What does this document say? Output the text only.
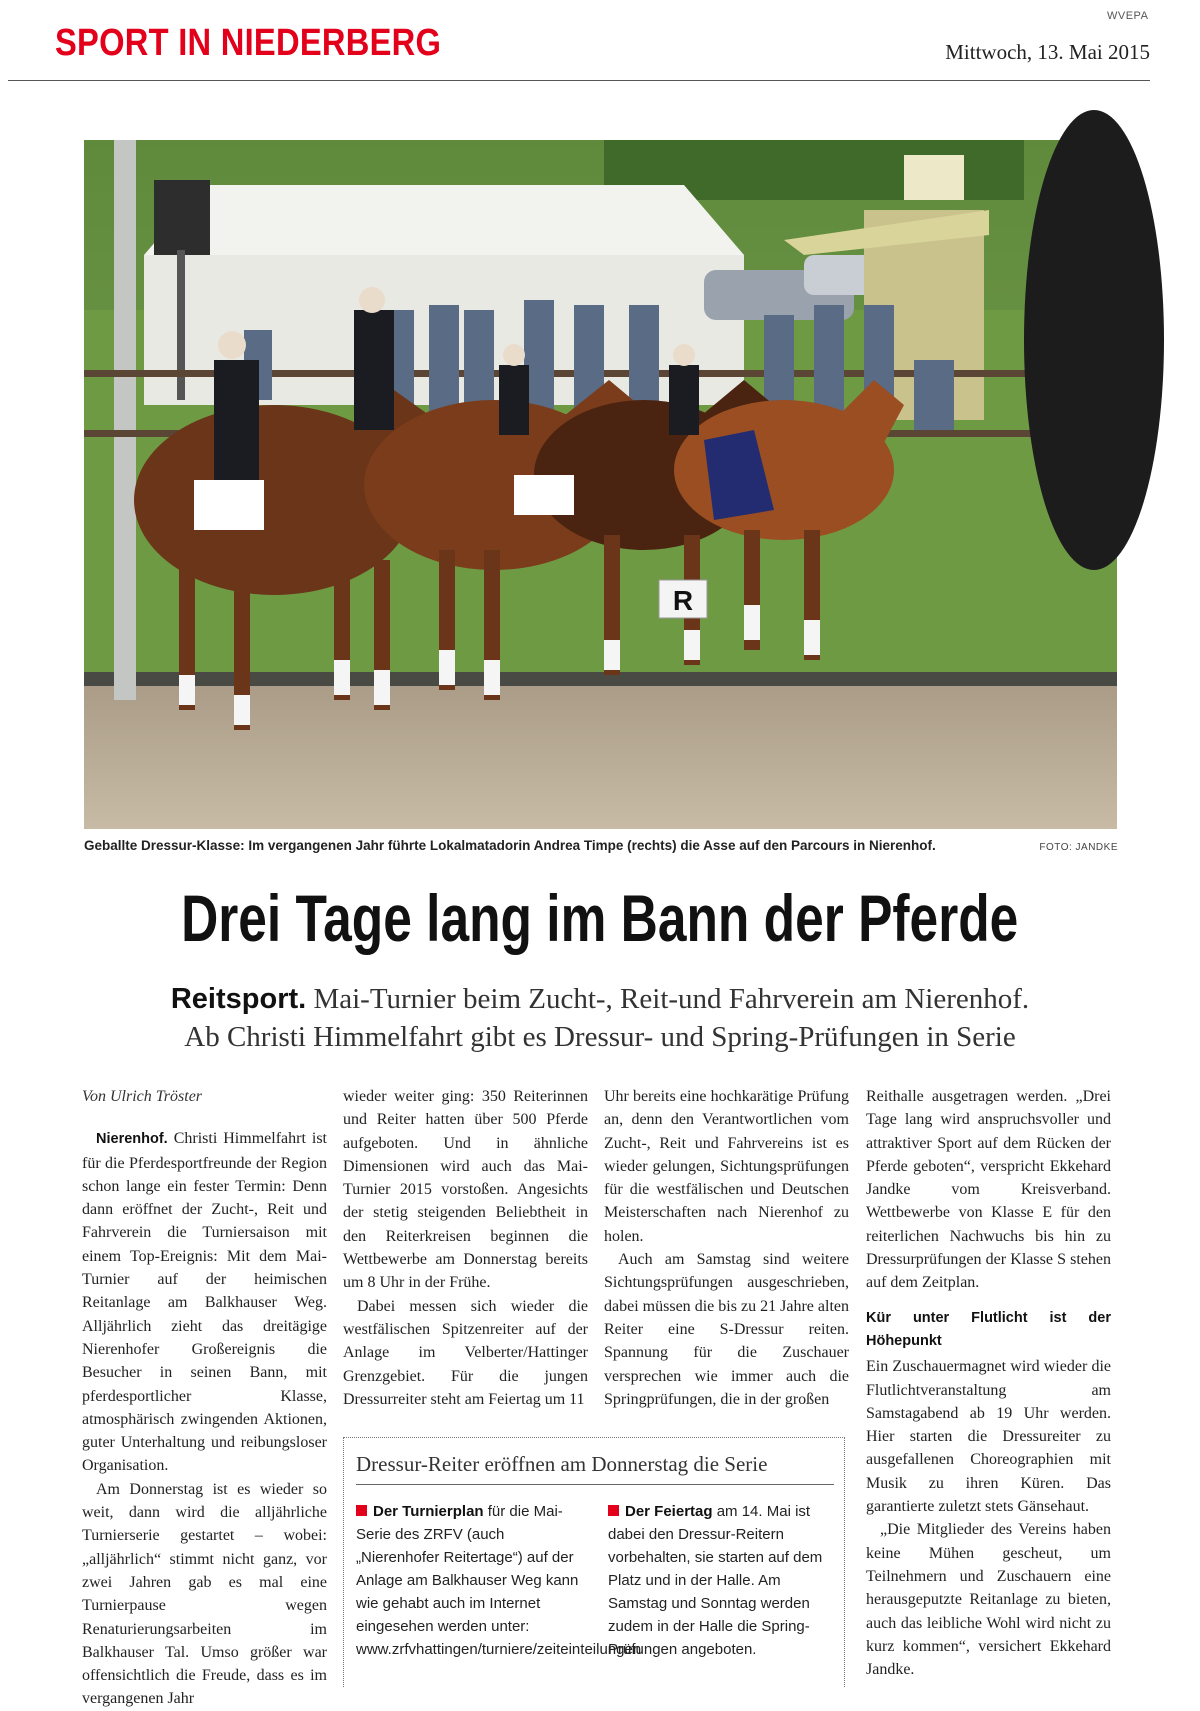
WVEPA
SPORT IN NIEDERBERG	Mittwoch, 13. Mai 2015
R
Geballte Dressur-Klasse: Im vergangenen Jahr führte Lokalmatadorin Andrea Timpe (rechts) die Asse auf den Parcours in Nierenhof.	FOTO: JANDKE
Drei Tage lang im Bann der Pferde
Reitsport. Mai-Turnier beim Zucht-, Reit-und Fahrverein am Nierenhof.
Ab Christi Himmelfahrt gibt es Dressur- und Spring-Prüfungen in Serie

Von Ulrich Tröster

Nierenhof. Christi Himmelfahrt ist für die Pferdesportfreunde der Region schon lange ein fester Termin: Denn dann eröffnet der Zucht-, Reit und Fahrverein die Turniersaison mit einem Top-Ereignis: Mit dem Mai-Turnier auf der heimischen Reitanlage am Balkhauser Weg. Alljährlich zieht das dreitägige Nierenhofer Großereignis die Besucher in seinen Bann, mit pferdesportlicher Klasse, atmosphärisch zwingenden Aktionen, guter Unterhaltung und reibungsloser Organisation.

Am Donnerstag ist es wieder so weit, dann wird die alljährliche Turnierserie gestartet – wobei: „alljährlich“ stimmt nicht ganz, vor zwei Jahren gab es mal eine Turnierpause wegen Renaturierungsarbeiten im Balkhauser Tal. Umso größer war offensichtlich die Freude, dass es im vergangenen Jahr

wieder weiter ging: 350 Reiterinnen und Reiter hatten über 500 Pferde aufgeboten. Und in ähnliche Dimensionen wird auch das Mai-Turnier 2015 vorstoßen. Angesichts der stetig steigenden Beliebtheit in den Reiterkreisen beginnen die Wettbewerbe am Donnerstag bereits um 8 Uhr in der Frühe.

Dabei messen sich wieder die westfälischen Spitzenreiter auf der Anlage im Velberter/Hattinger Grenzgebiet. Für die jungen Dressurreiter steht am Feiertag um 11

Uhr bereits eine hochkarätige Prüfung an, denn den Verantwortlichen vom Zucht-, Reit und Fahrvereins ist es wieder gelungen, Sichtungsprüfungen für die westfälischen und Deutschen Meisterschaften nach Nierenhof zu holen.

Auch am Samstag sind weitere Sichtungsprüfungen ausgeschrieben, dabei müssen die bis zu 21 Jahre alten Reiter eine S-Dressur reiten. Spannung für die Zuschauer versprechen wie immer auch die Springprüfungen, die in der großen

Reithalle ausgetragen werden. „Drei Tage lang wird anspruchsvoller und attraktiver Sport auf dem Rücken der Pferde geboten“, verspricht Ekkehard Jandke vom Kreisverband. Wettbewerbe von Klasse E für den reiterlichen Nachwuchs bis hin zu Dressurprüfungen der Klasse S stehen auf dem Zeitplan.

Kür unter Flutlicht ist der Höhepunkt

Ein Zuschauermagnet wird wieder die Flutlichtveranstaltung am Samstagabend ab 19 Uhr werden. Hier starten die Dressureiter zu ausgefallenen Choreographien mit Musik zu ihren Küren. Das garantierte zuletzt stets Gänsehaut.

„Die Mitglieder des Vereins haben keine Mühen gescheut, um Teilnehmern und Zuschauern eine herausgeputzte Reitanlage zu bieten, auch das leibliche Wohl wird nicht zu kurz kommen“, versichert Ekkehard Jandke.

Dressur-Reiter eröffnen am Donnerstag die Serie
Der Turnierplan für die Mai-Serie des ZRFV (auch „Nierenhofer Reitertage“) auf der Anlage am Balkhauser Weg kann wie gehabt auch im Internet eingesehen werden unter: www.zrfvhattingen/turniere/zeiteinteilungen
Der Feiertag am 14. Mai ist dabei den Dressur-Reitern vorbehalten, sie starten auf dem Platz und in der Halle. Am Samstag und Sonntag werden zudem in der Halle die Spring-Prüfungen angeboten.
